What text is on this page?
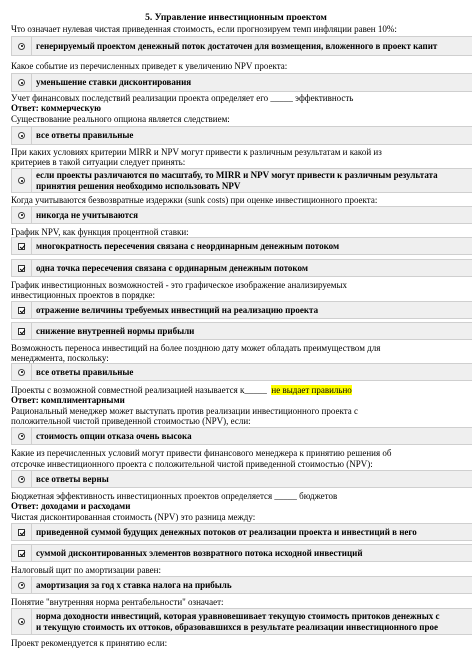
5. Управление инвестиционным проектом
Что означает нулевая чистая приведенная стоимость, если прогнозируем темп инфляции равен 10%:
генерируемый проектом денежный поток достаточен для возмещения, вложенного в проект капит
Какое событие из перечисленных приведет к увеличению NPV проекта:
уменьшение ставки дисконтирования
Учет финансовых последствий реализации проекта определяет его _____ эффективность
Ответ: коммерческую
Существование реального опциона является следствием:
все ответы правильные
При каких условиях критерии MIRR и NPV могут привести к различным результатам и какой из
критериев в такой ситуации следует принять:
если проекты различаются по масштабу, то MIRR и NPV могут привести к различным результата
принятия решения необходимо использовать NPV
Когда учитываются безвозвратные издержки (sunk costs) при оценке инвестиционного проекта:
никогда не учитываются
График NPV, как функция процентной ставки:
многократность пересечения связана с неординарным денежным потоком
одна точка пересечения связана с ординарным денежным потоком
График инвестиционных возможностей - это графическое изображение анализируемых
инвестиционных проектов в порядке:
отражение величины требуемых инвестиций на реализацию проекта
снижение внутренней нормы прибыли
Возможность переноса инвестиций на более позднюю дату может обладать преимуществом для
менеджмента, поскольку:
все ответы правильные
Проекты с возможной совместной реализацией называется к_____ не выдает правильно
Ответ: комплиментарными
Рациональный менеджер может выступать против реализации инвестиционного проекта с
положительной чистой приведенной стоимостью (NPV), если:
стоимость опции отказа очень высока
Какие из перечисленных условий могут привести финансового менеджера к принятию решения об
отсрочке инвестиционного проекта с положительной чистой приведенной стоимостью (NPV):
все ответы верны
Бюджетная эффективность инвестиционных проектов определяется _____ бюджетов
Ответ: доходами и расходами
Чистая дисконтированная стоимость (NPV) это разница между:
приведенной суммой будущих денежных потоков от реализации проекта и инвестиций в него
суммой дисконтированных элементов возвратного потока исходной инвестиций
Налоговый щит по амортизации равен:
амортизация за год х ставка налога на прибыль
Понятие "внутренняя норма рентабельности" означает:
норма доходности инвестиций, которая уравновешивает текущую стоимость притоков денежных с
и текущую стоимость их оттоков, образовавшихся в результате реализации инвестиционного прое
Проект рекомендуется к принятию если:
